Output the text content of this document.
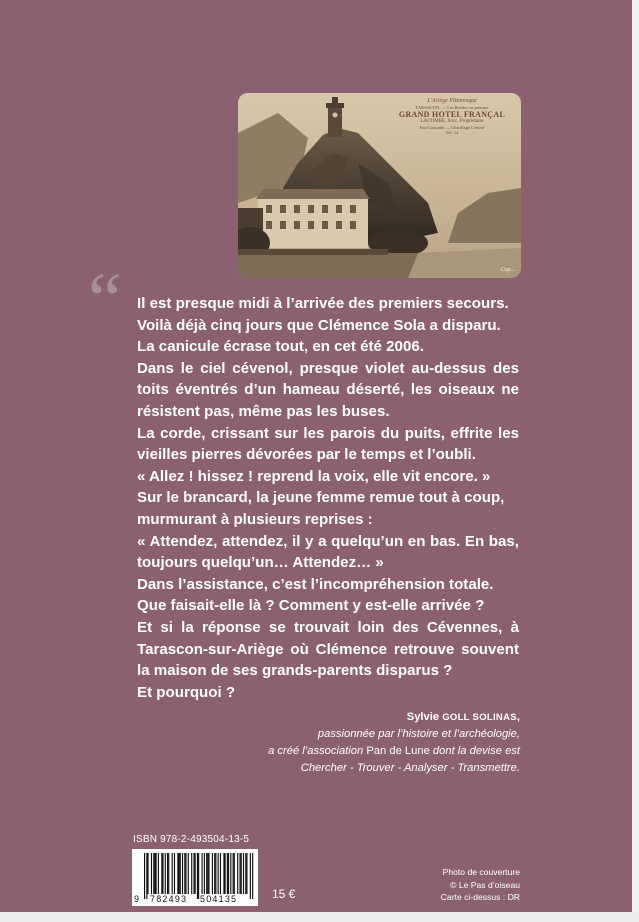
L'Ariège Pittoresque
TARASCON. — Les Roches en premier
GRAND HOTEL FRANÇAL
LACOMBE, Succ, Propriétaire
Eau Courante — Chauffage Central
Tél. 14
Cap...
“ Il est presque midi à l’arrivée des premiers secours.
Voilà déjà cinq jours que Clémence Sola a disparu.
La canicule écrase tout, en cet été 2006.
Dans le ciel cévenol, presque violet au-dessus des
toits éventrés d’un hameau déserté, les oiseaux ne
résistent pas, même pas les buses.
La corde, crissant sur les parois du puits, effrite les
vieilles pierres dévorées par le temps et l’oubli.
« Allez ! hissez ! reprend la voix, elle vit encore. »
Sur le brancard, la jeune femme remue tout à coup,
murmurant à plusieurs reprises :
« Attendez, attendez, il y a quelqu’un en bas. En bas,
toujours quelqu’un… Attendez… »
Dans l’assistance, c’est l’incompréhension totale.
Que faisait-elle là ? Comment y est-elle arrivée ?
Et si la réponse se trouvait loin des Cévennes, à
Tarascon-sur-Ariège où Clémence retrouve souvent
la maison de ses grands-parents disparus ?
Et pourquoi ?
Sylvie GOLL SOLINAS,
passionnée par l’histoire et l’archéologie,
a créé l’association Pan de Lune dont la devise est
Chercher - Trouver - Analyser - Transmettre.
ISBN 978-2-493504-13-5
9 782493 504135	15 €
Photo de couverture
© Le Pas d’oiseau
Carte ci-dessus : DR
